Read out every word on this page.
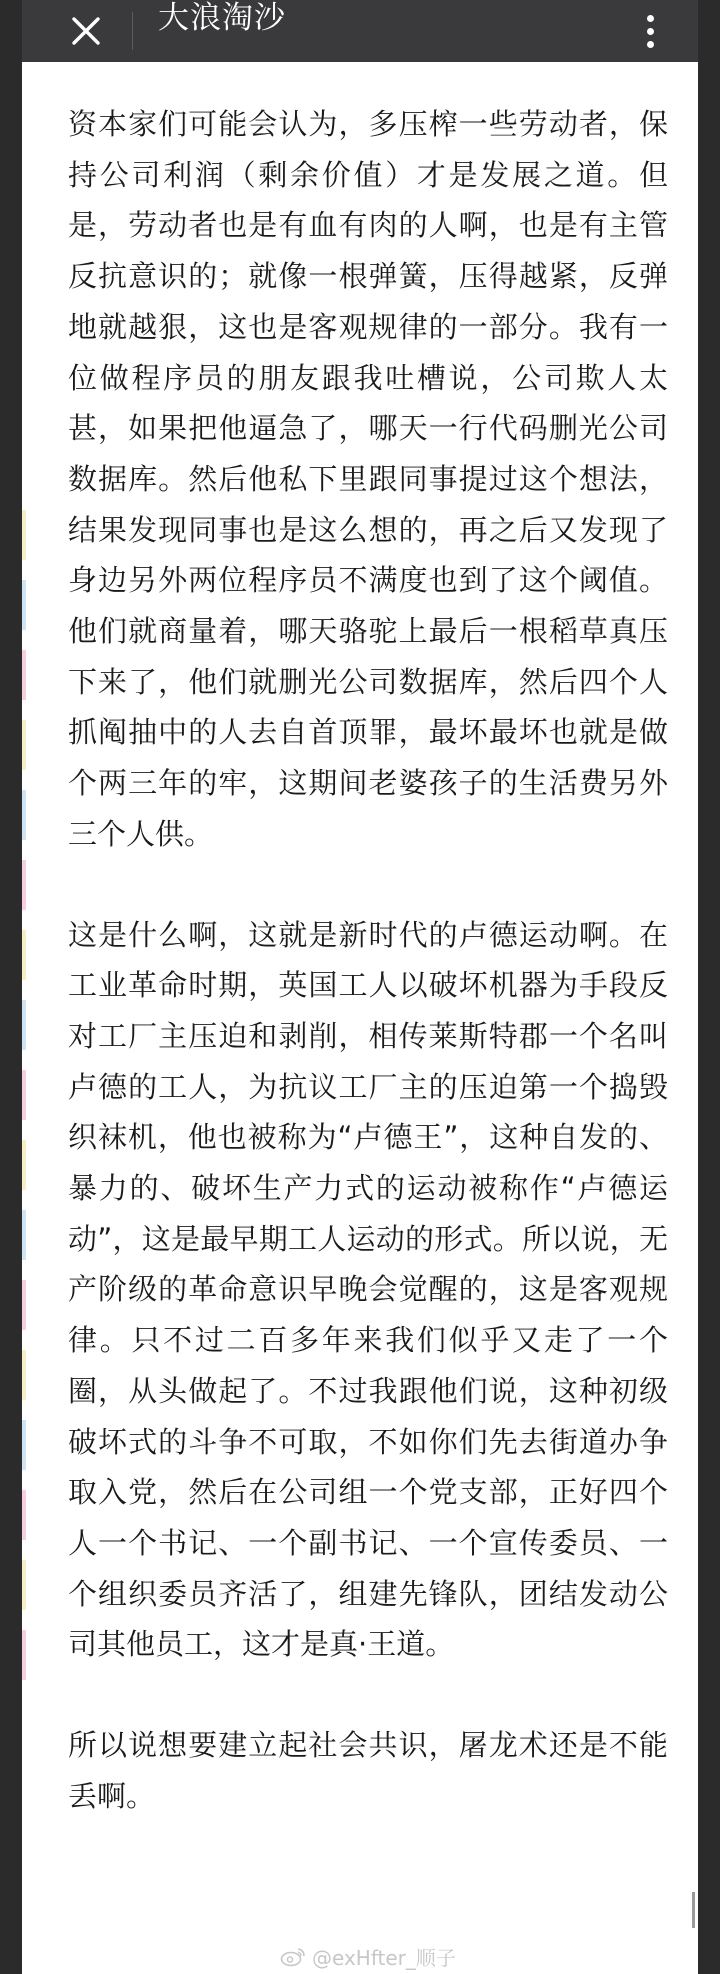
大浪淘沙

资本家们可能会认为，多压榨一些劳动者，保持公司利润（剩余价值）才是发展之道。但是，劳动者也是有血有肉的人啊，也是有主管反抗意识的；就像一根弹簧，压得越紧，反弹地就越狠，这也是客观规律的一部分。我有一位做程序员的朋友跟我吐槽说，公司欺人太甚，如果把他逼急了，哪天一行代码删光公司数据库。然后他私下里跟同事提过这个想法，结果发现同事也是这么想的，再之后又发现了身边另外两位程序员不满度也到了这个阈值。他们就商量着，哪天骆驼上最后一根稻草真压下来了，他们就删光公司数据库，然后四个人抓阄抽中的人去自首顶罪，最坏最坏也就是做个两三年的牢，这期间老婆孩子的生活费另外三个人供。

这是什么啊，这就是新时代的卢德运动啊。在工业革命时期，英国工人以破坏机器为手段反对工厂主压迫和剥削，相传莱斯特郡一个名叫卢德的工人，为抗议工厂主的压迫第一个捣毁织袜机，他也被称为“卢德王”，这种自发的、暴力的、破坏生产力式的运动被称作“卢德运动”，这是最早期工人运动的形式。所以说，无产阶级的革命意识早晚会觉醒的，这是客观规律。只不过二百多年来我们似乎又走了一个圈，从头做起了。不过我跟他们说，这种初级破坏式的斗争不可取，不如你们先去街道办争取入党，然后在公司组一个党支部，正好四个人一个书记、一个副书记、一个宣传委员、一个组织委员齐活了，组建先锋队，团结发动公司其他员工，这才是真·王道。

所以说想要建立起社会共识，屠龙术还是不能丢啊。

@exHfter_顺子
